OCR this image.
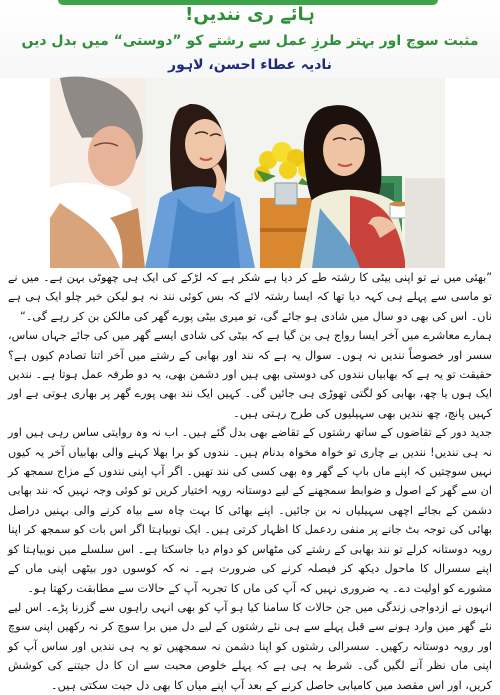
ہائے ری نندیں!
مثبت سوچ اور بہتر طرزِ عمل سے رشتے کو ”دوستی“ میں بدل دیں
نادیہ عطاء احسن، لاہور

”بھئی میں نے تو اپنی بیٹی کا رشتہ طے کر دیا ہے شکر ہے کہ لڑکے کی ایک ہی چھوٹی بہن ہے۔ میں نے تو ماسی سے پہلے ہی کہہ دیا تھا کہ ایسا رشتہ لائے کہ بس کوئی نند نہ ہو لیکن خیر چلو ایک ہی ہے ناں۔ اس کی بھی دو سال میں شادی ہو جائے گی، تو میری بیٹی پورے گھر کی مالکن بن کر رہے گی۔“

ہمارے معاشرے میں آخر ایسا رواج ہی بن گیا ہے کہ بیٹی کی شادی ایسے گھر میں کی جائے جہاں ساس، سسر اور خصوصاً نندیں نہ ہوں۔ سوال یہ ہے کہ نند اور بھابی کے رشتے میں آخر اتنا تصادم کیوں ہے؟ حقیقت تو یہ ہے کہ بھابیاں نندوں کی دوستی بھی ہیں اور دشمن بھی، یہ دو طرفہ عمل ہوتا ہے۔ نندیں ایک ہوں یا چھ، بھابی کو لگتی تھوڑی ہی جائیں گی۔ کہیں ایک نند بھی پورے گھر پر بھاری ہوتی ہے اور کہیں پانچ، چھ نندیں بھی سہیلیوں کی طرح رہتی ہیں۔

جدید دور کے تقاضوں کے ساتھ رشتوں کے تقاضے بھی بدل گئے ہیں۔ اب نہ وہ روایتی ساس رہی ہیں اور نہ ہی نندیں! نندیں بے چاری تو خواہ مخواہ بدنام ہیں۔ نندوں کو برا بھلا کہنے والی بھابیاں آخر یہ کیوں نہیں سوچتیں کہ اپنے ماں باپ کے گھر وہ بھی کسی کی نند تھیں۔ اگر آپ اپنی نندوں کے مزاج سمجھ کر ان سے گھر کے اصول و ضوابط سمجھنے کے لیے دوستانہ رویہ اختیار کریں تو کوئی وجہ نہیں کہ نند بھابی دشمن کے بجائے اچھی سہیلیاں نہ بن جائیں۔ اپنے بھائی کا بہت چاہ سے بیاہ کرنے والی بہنیں دراصل بھائی کی توجہ بٹ جانے پر منفی ردعمل کا اظہار کرتی ہیں۔ ایک نوبیاہتا اگر اس بات کو سمجھ کر اپنا رویہ دوستانہ کرلے تو نند بھابی کے رشتے کی مٹھاس کو دوام دیا جاسکتا ہے۔ اس سلسلے میں نوبیاہتا کو اپنے سسرال کا ماحول دیکھ کر فیصلہ کرنے کی ضرورت ہے۔ نہ کہ کوسوں دور بیٹھی اپنی ماں کے مشورے کو اولیت دے۔ یہ ضروری نہیں کہ آپ کی ماں کا تجربہ آپ کے حالات سے مطابقت رکھتا ہو۔

انہوں نے ازدواجی زندگی میں جن حالات کا سامنا کیا ہو آپ کو بھی انہی راہوں سے گزرنا پڑے۔ اس لیے نئے گھر میں وارد ہونے سے قبل پہلے سے ہی نئے رشتوں کے لیے دل میں برا سوچ کر نہ رکھیں اپنی سوچ اور رویہ دوستانہ رکھیں۔ سسرالی رشتوں کو اپنا دشمن نہ سمجھیں تو یہ ہی نندیں اور ساس آپ کو اپنی ماں نظر آنے لگیں گی۔ شرط یہ ہی ہے کہ پہلے خلوص محبت سے ان کا دل جیتنے کی کوشش کریں، اور اس مقصد میں کامیابی حاصل کرنے کے بعد آپ اپنے میاں کا بھی دل جیت سکتی ہیں۔
